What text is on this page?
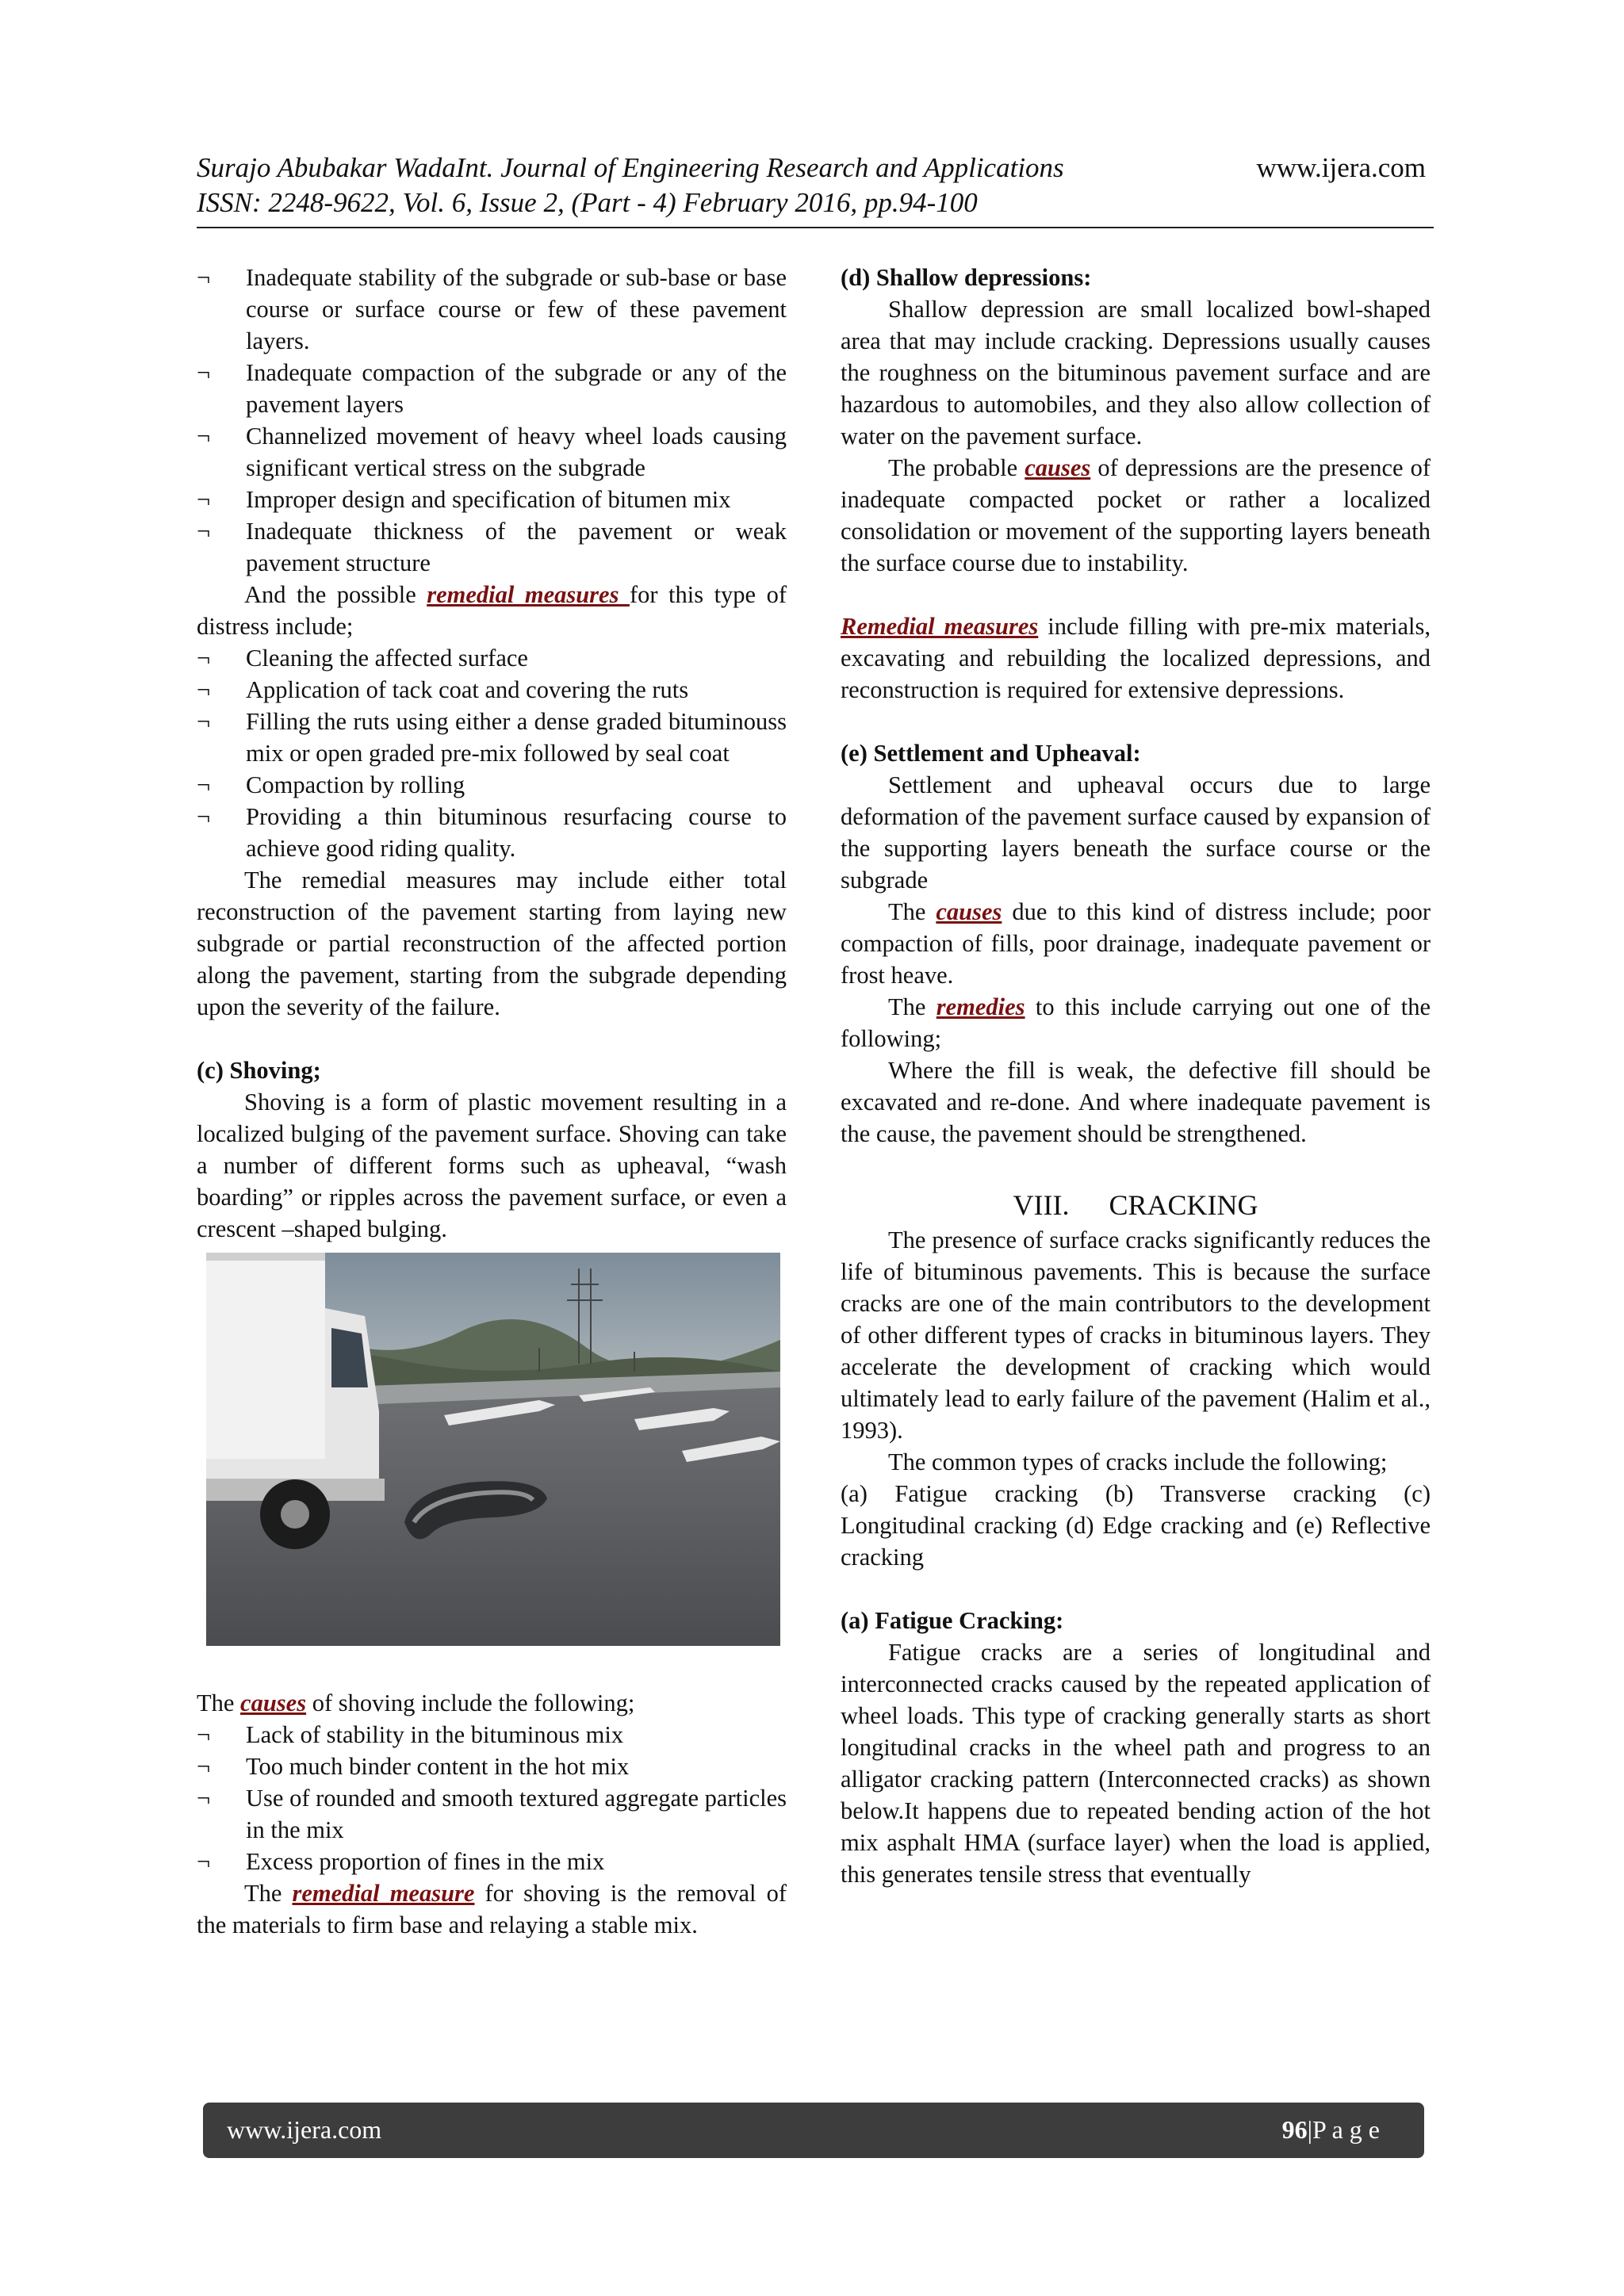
Surajo Abubakar WadaInt. Journal of Engineering Research and Applications	www.ijera.com
ISSN: 2248-9622, Vol. 6, Issue 2, (Part - 4) February 2016, pp.94-100

¬ Inadequate stability of the subgrade or sub-base or base course or surface course or few of these pavement layers.

¬ Inadequate compaction of the subgrade or any of the pavement layers

¬ Channelized movement of heavy wheel loads causing significant vertical stress on the subgrade

¬ Improper design and specification of bitumen mix

¬ Inadequate thickness of the pavement or weak pavement structure

And the possible remedial measures for this type of distress include;

¬ Cleaning the affected surface

¬ Application of tack coat and covering the ruts

¬ Filling the ruts using either a dense graded bituminouss mix or open graded pre-mix followed by seal coat

¬ Compaction by rolling

¬ Providing a thin bituminous resurfacing course to achieve good riding quality.

The remedial measures may include either total reconstruction of the pavement starting from laying new subgrade or partial reconstruction of the affected portion along the pavement, starting from the subgrade depending upon the severity of the failure.

(c) Shoving;

Shoving is a form of plastic movement resulting in a localized bulging of the pavement surface. Shoving can take a number of different forms such as upheaval, “wash boarding” or ripples across the pavement surface, or even a crescent –shaped bulging.

The causes of shoving include the following;

¬ Lack of stability in the bituminous mix

¬ Too much binder content in the hot mix

¬ Use of rounded and smooth textured aggregate particles in the mix

¬ Excess proportion of fines in the mix

The remedial measure for shoving is the removal of the materials to firm base and relaying a stable mix.

(d) Shallow depressions:

Shallow depression are small localized bowl-shaped area that may include cracking. Depressions usually causes the roughness on the bituminous pavement surface and are hazardous to automobiles, and they also allow collection of water on the pavement surface.

The probable causes of depressions are the presence of inadequate compacted pocket or rather a localized consolidation or movement of the supporting layers beneath the surface course due to instability.

Remedial measures include filling with pre-mix materials, excavating and rebuilding the localized depressions, and reconstruction is required for extensive depressions.

(e) Settlement and Upheaval:

Settlement and upheaval occurs due to large deformation of the pavement surface caused by expansion of the supporting layers beneath the surface course or the subgrade

The causes due to this kind of distress include; poor compaction of fills, poor drainage, inadequate pavement or frost heave.

The remedies to this include carrying out one of the following;

Where the fill is weak, the defective fill should be excavated and re-done. And where inadequate pavement is the cause, the pavement should be strengthened.

VIII. CRACKING

The presence of surface cracks significantly reduces the life of bituminous pavements. This is because the surface cracks are one of the main contributors to the development of other different types of cracks in bituminous layers. They accelerate the development of cracking which would ultimately lead to early failure of the pavement (Halim et al., 1993).

The common types of cracks include the following;

(a) Fatigue cracking (b) Transverse cracking (c) Longitudinal cracking (d) Edge cracking and (e) Reflective cracking

(a) Fatigue Cracking:

Fatigue cracks are a series of longitudinal and interconnected cracks caused by the repeated application of wheel loads. This type of cracking generally starts as short longitudinal cracks in the wheel path and progress to an alligator cracking pattern (Interconnected cracks) as shown below.It happens due to repeated bending action of the hot mix asphalt HMA (surface layer) when the load is applied, this generates tensile stress that eventually

www.ijera.com	96|P a g e
